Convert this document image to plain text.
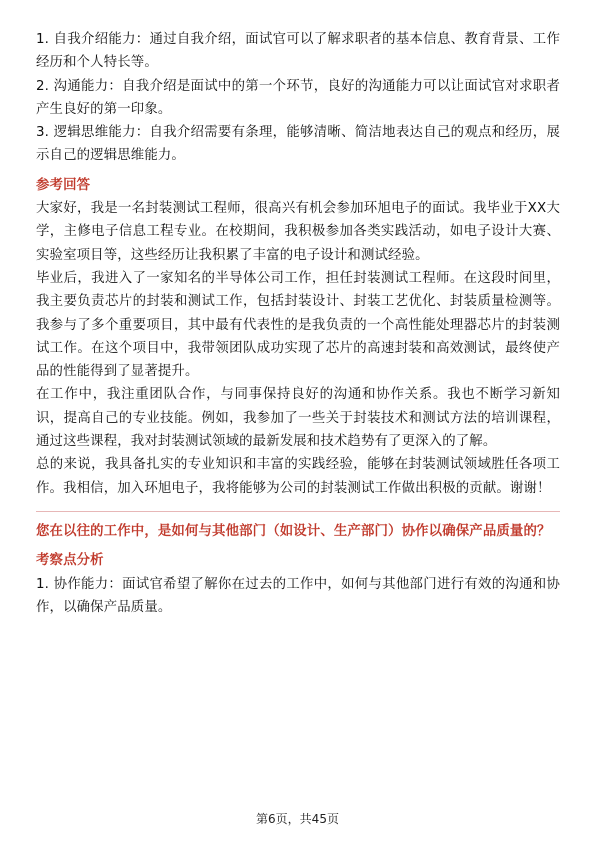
1. 自我介绍能力：通过自我介绍，面试官可以了解求职者的基本信息、教育背景、工作经历和个人特长等。

2. 沟通能力：自我介绍是面试中的第一个环节，良好的沟通能力可以让面试官对求职者产生良好的第一印象。

3. 逻辑思维能力：自我介绍需要有条理，能够清晰、简洁地表达自己的观点和经历，展示自己的逻辑思维能力。

参考回答

大家好，我是一名封装测试工程师，很高兴有机会参加环旭电子的面试。我毕业于XX大学，主修电子信息工程专业。在校期间，我积极参加各类实践活动，如电子设计大赛、实验室项目等，这些经历让我积累了丰富的电子设计和测试经验。

毕业后，我进入了一家知名的半导体公司工作，担任封装测试工程师。在这段时间里，我主要负责芯片的封装和测试工作，包括封装设计、封装工艺优化、封装质量检测等。我参与了多个重要项目，其中最有代表性的是我负责的一个高性能处理器芯片的封装测试工作。在这个项目中，我带领团队成功实现了芯片的高速封装和高效测试，最终使产品的性能得到了显著提升。

在工作中，我注重团队合作，与同事保持良好的沟通和协作关系。我也不断学习新知识，提高自己的专业技能。例如，我参加了一些关于封装技术和测试方法的培训课程，通过这些课程，我对封装测试领域的最新发展和技术趋势有了更深入的了解。

总的来说，我具备扎实的专业知识和丰富的实践经验，能够在封装测试领域胜任各项工作。我相信，加入环旭电子，我将能够为公司的封装测试工作做出积极的贡献。谢谢！

您在以往的工作中，是如何与其他部门（如设计、生产部门）协作以确保产品质量的？

考察点分析

1. 协作能力：面试官希望了解你在过去的工作中，如何与其他部门进行有效的沟通和协作，以确保产品质量。

第6页，共45页
